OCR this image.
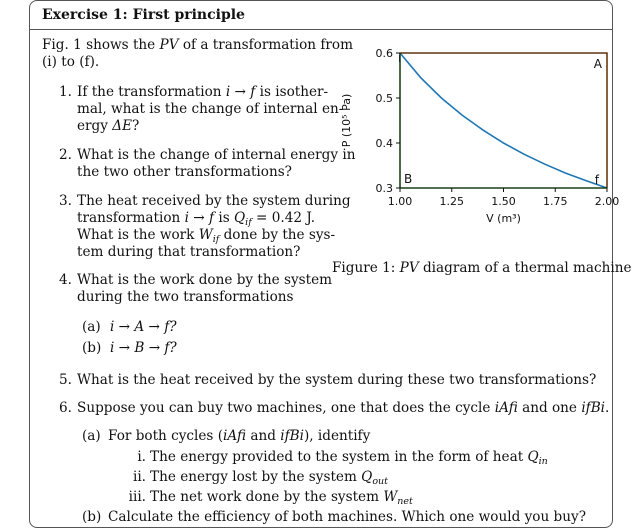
Exercise 1: First principle
Fig. 1 shows the PV of a transformation from
(i) to (f).
1. If the transformation i → f is isother-
mal, what is the change of internal en-
ergy ΔE?
2. What is the change of internal energy in
the two other transformations?
3. The heat received by the system during
transformation i → f is $Q_{if} = 0.42$ J.
What is the work $W_{if}$ done by the sys-
tem during that transformation?
4. What is the work done by the system
during the two transformations
(a) i → A → f?
(b) i → B → f?
5. What is the heat received by the system during these two transformations?
6. Suppose you can buy two machines, one that does the cycle iAfi and one ifBi.
(a) For both cycles (iAfi and ifBi), identify
i. The energy provided to the system in the form of heat $Q_{in}$
ii. The energy lost by the system $Q_{out}$
iii. The net work done by the system $W_{net}$
(b) Calculate the efficiency of both machines. Which one would you buy?
1.00 1.25 1.50 1.75 2.00
0.3
0.4
0.5
0.6
V (m³)
P (10⁵ Pa)
i	A
B	f
Figure 1: PV diagram of a thermal machine
